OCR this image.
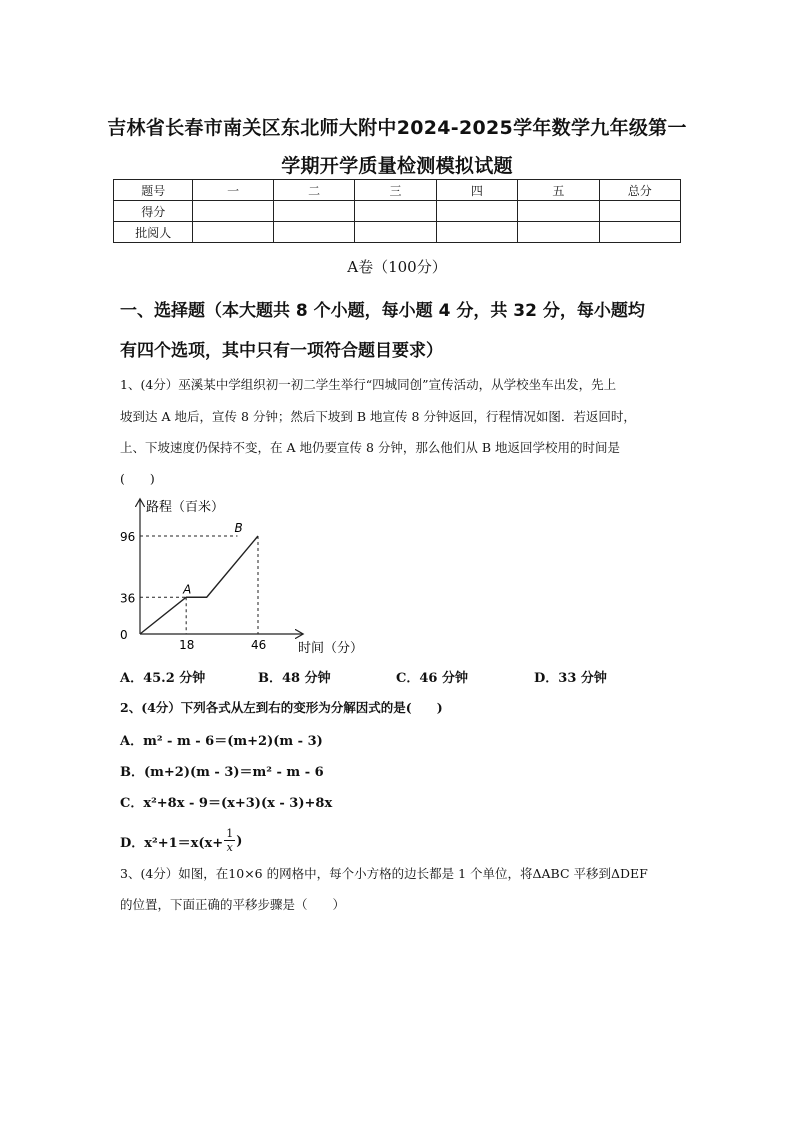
吉林省长春市南关区东北师大附中2024-2025学年数学九年级第一
学期开学质量检测模拟试题
题号	一	二	三	四	五	总分
得分						
批阅人						
A卷（100分）
一、选择题（本大题共 8 个小题，每小题 4 分，共 32 分，每小题均
有四个选项，其中只有一项符合题目要求）
1、(4分）巫溪某中学组织初一初二学生举行“四城同创”宣传活动，从学校坐车出发，先上
坡到达 A 地后，宣传 8 分钟；然后下坡到 B 地宣传 8 分钟返回，行程情况如图．若返回时，
上、下坡速度仍保持不变，在 A 地仍要宣传 8 分钟，那么他们从 B 地返回学校用的时间是
(　　)
路程（百米）
时间（分）
0
36
96
18	46
A
B
A．45.2 分钟	B．48 分钟	C．46 分钟	D．33 分钟
2、(4分）下列各式从左到右的变形为分解因式的是(　　)
A．m² - m - 6＝(m+2)(m - 3)
B．(m+2)(m - 3)＝m² - m - 6
C．x²+8x - 9＝(x+3)(x - 3)+8x
D．$x^2+1=x(x+ \frac{1}{x}$ )
3、(4分）如图，在10×6 的网格中，每个小方格的边长都是 1 个单位，将ΔABC 平移到ΔDEF
的位置，下面正确的平移步骤是（　　）
